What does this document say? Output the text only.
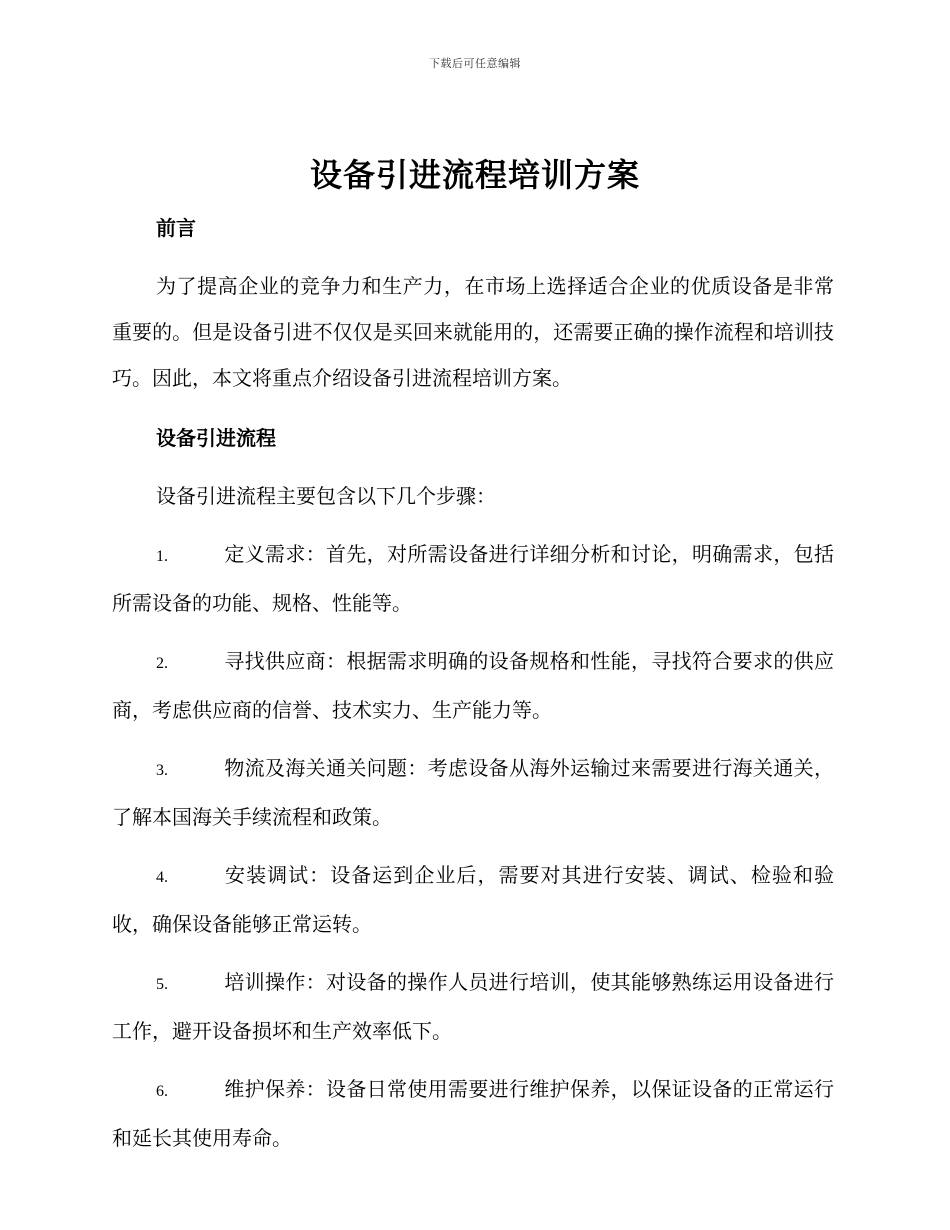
下载后可任意编辑
设备引进流程培训方案

前言

为了提高企业的竞争力和生产力，在市场上选择适合企业的优质设备是非常重要的。但是设备引进不仅仅是买回来就能用的，还需要正确的操作流程和培训技巧。因此，本文将重点介绍设备引进流程培训方案。

设备引进流程

设备引进流程主要包含以下几个步骤：

1.	定义需求：首先，对所需设备进行详细分析和讨论，明确需求，包括所需设备的功能、规格、性能等。

2.	寻找供应商：根据需求明确的设备规格和性能，寻找符合要求的供应商，考虑供应商的信誉、技术实力、生产能力等。

3.	物流及海关通关问题：考虑设备从海外运输过来需要进行海关通关，了解本国海关手续流程和政策。

4.	安装调试：设备运到企业后，需要对其进行安装、调试、检验和验收，确保设备能够正常运转。

5.	培训操作：对设备的操作人员进行培训，使其能够熟练运用设备进行工作，避开设备损坏和生产效率低下。

6.	维护保养：设备日常使用需要进行维护保养，以保证设备的正常运行和延长其使用寿命。
